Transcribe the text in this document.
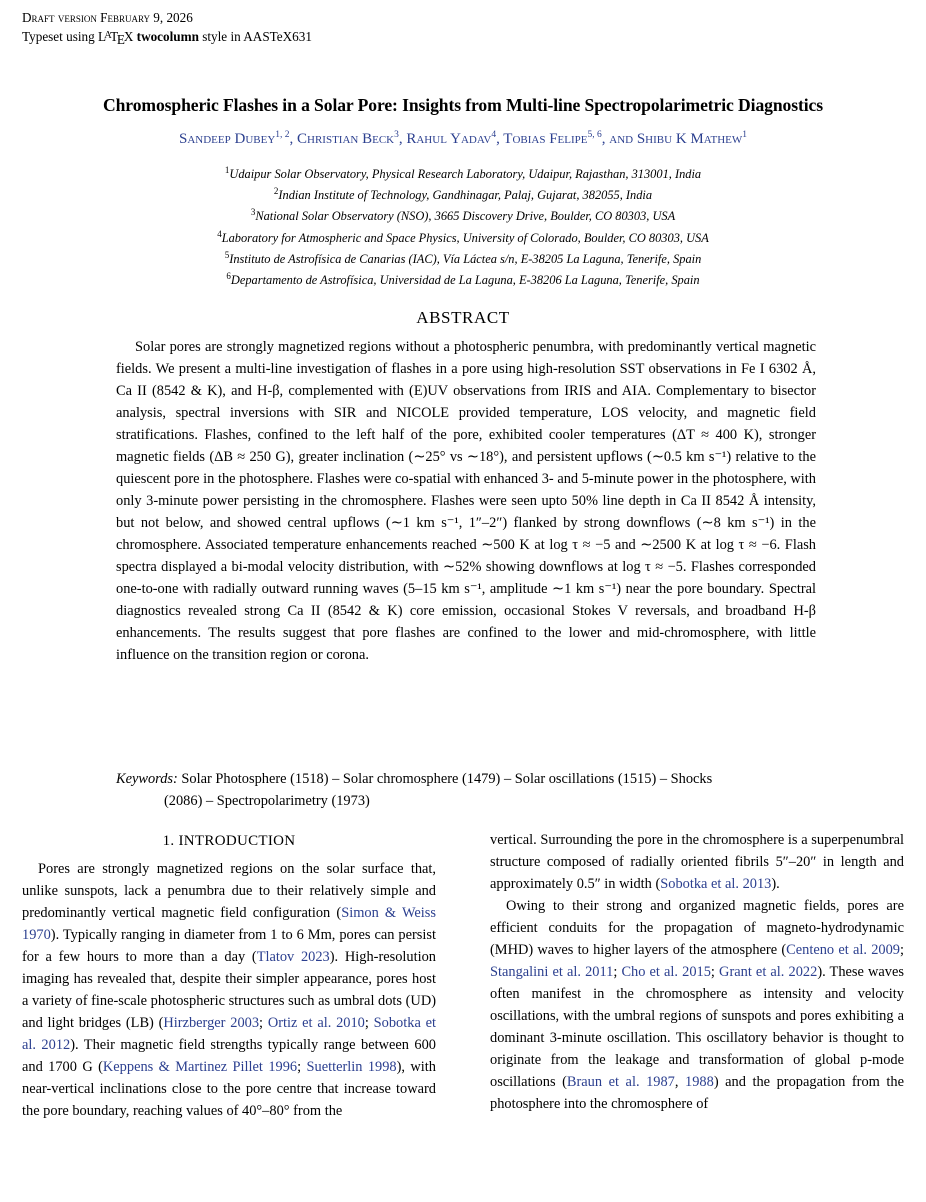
Draft version February 9, 2026
Typeset using $L^ATEX$ twocolumn style in AASTeX631
Chromospheric Flashes in a Solar Pore: Insights from Multi-line Spectropolarimetric Diagnostics
Sandeep Dubey$^{1, 2}$, Christian Beck$^3$, Rahul Yadav$^4$, Tobias Felipe$^{5, 6}$, and Shibu K Mathew$^1$
$^1$Udaipur Solar Observatory, Physical Research Laboratory, Udaipur, Rajasthan, 313001, India
$^2$Indian Institute of Technology, Gandhinagar, Palaj, Gujarat, 382055, India
$^3$National Solar Observatory (NSO), 3665 Discovery Drive, Boulder, CO 80303, USA
$^4$Laboratory for Atmospheric and Space Physics, University of Colorado, Boulder, CO 80303, USA
$^5$Instituto de Astrofísica de Canarias (IAC), Vía Láctea s/n, E-38205 La Laguna, Tenerife, Spain
$^6$Departamento de Astrofísica, Universidad de La Laguna, E-38206 La Laguna, Tenerife, Spain
ABSTRACT
Solar pores are strongly magnetized regions without a photospheric penumbra, with predominantly vertical magnetic fields. We present a multi-line investigation of flashes in a pore using high-resolution SST observations in Fe I 6302 Å, Ca II (8542 & K), and H-β, complemented with (E)UV observations from IRIS and AIA. Complementary to bisector analysis, spectral inversions with SIR and NICOLE provided temperature, LOS velocity, and magnetic field stratifications. Flashes, confined to the left half of the pore, exhibited cooler temperatures (ΔT ≈ 400 K), stronger magnetic fields (ΔB ≈ 250 G), greater inclination (∼25° vs ∼18°), and persistent upflows (∼0.5 km s⁻¹) relative to the quiescent pore in the photosphere. Flashes were co-spatial with enhanced 3- and 5-minute power in the photosphere, with only 3-minute power persisting in the chromosphere. Flashes were seen upto 50% line depth in Ca II 8542 Å intensity, but not below, and showed central upflows (∼1 km s⁻¹, 1″–2″) flanked by strong downflows (∼8 km s⁻¹) in the chromosphere. Associated temperature enhancements reached ∼500 K at log τ ≈ −5 and ∼2500 K at log τ ≈ −6. Flash spectra displayed a bi-modal velocity distribution, with ∼52% showing downflows at log τ ≈ −5. Flashes corresponded one-to-one with radially outward running waves (5–15 km s⁻¹, amplitude ∼1 km s⁻¹) near the pore boundary. Spectral diagnostics revealed strong Ca II (8542 & K) core emission, occasional Stokes V reversals, and broadband H-β enhancements. The results suggest that pore flashes are confined to the lower and mid-chromosphere, with little influence on the transition region or corona.
Keywords: Solar Photosphere (1518) – Solar chromosphere (1479) – Solar oscillations (1515) – Shocks
(2086) – Spectropolarimetry (1973)
1. INTRODUCTION

Pores are strongly magnetized regions on the solar surface that, unlike sunspots, lack a penumbra due to their relatively simple and predominantly vertical magnetic field configuration (Simon & Weiss 1970). Typically ranging in diameter from 1 to 6 Mm, pores can persist for a few hours to more than a day (Tlatov 2023). High-resolution imaging has revealed that, despite their simpler appearance, pores host a variety of fine-scale photospheric structures such as umbral dots (UD) and light bridges (LB) (Hirzberger 2003; Ortiz et al. 2010; Sobotka et al. 2012). Their magnetic field strengths typically range between 600 and 1700 G (Keppens & Martinez Pillet 1996; Suetterlin 1998), with near-vertical inclinations close to the pore centre that increase toward the pore boundary, reaching values of 40°–80° from the

vertical. Surrounding the pore in the chromosphere is a superpenumbral structure composed of radially oriented fibrils 5″–20″ in length and approximately 0.5″ in width (Sobotka et al. 2013).

Owing to their strong and organized magnetic fields, pores are efficient conduits for the propagation of magneto-hydrodynamic (MHD) waves to higher layers of the atmosphere (Centeno et al. 2009; Stangalini et al. 2011; Cho et al. 2015; Grant et al. 2022). These waves often manifest in the chromosphere as intensity and velocity oscillations, with the umbral regions of sunspots and pores exhibiting a dominant 3-minute oscillation. This oscillatory behavior is thought to originate from the leakage and transformation of global p-mode oscillations (Braun et al. 1987, 1988) and the propagation from the photosphere into the chromosphere of
